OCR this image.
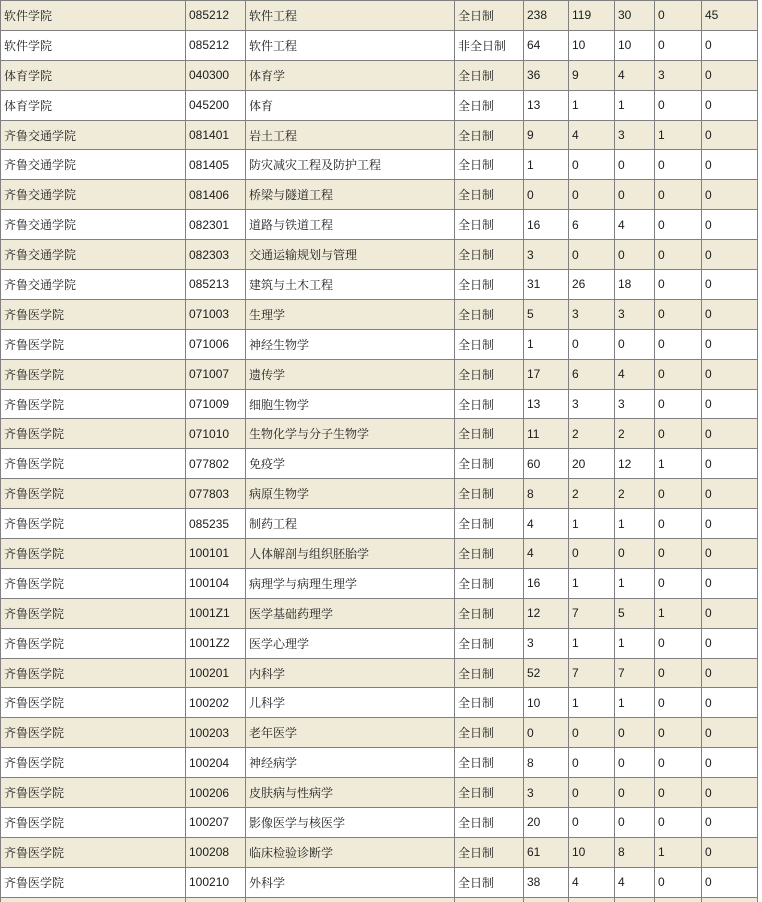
软件学院	085212	软件工程	全日制	238	119	30	0	45
软件学院	085212	软件工程	非全日制	64	10	10	0	0
体育学院	040300	体育学	全日制	36	9	4	3	0
体育学院	045200	体育	全日制	13	1	1	0	0
齐鲁交通学院	081401	岩土工程	全日制	9	4	3	1	0
齐鲁交通学院	081405	防灾减灾工程及防护工程	全日制	1	0	0	0	0
齐鲁交通学院	081406	桥梁与隧道工程	全日制	0	0	0	0	0
齐鲁交通学院	082301	道路与铁道工程	全日制	16	6	4	0	0
齐鲁交通学院	082303	交通运输规划与管理	全日制	3	0	0	0	0
齐鲁交通学院	085213	建筑与土木工程	全日制	31	26	18	0	0
齐鲁医学院	071003	生理学	全日制	5	3	3	0	0
齐鲁医学院	071006	神经生物学	全日制	1	0	0	0	0
齐鲁医学院	071007	遗传学	全日制	17	6	4	0	0
齐鲁医学院	071009	细胞生物学	全日制	13	3	3	0	0
齐鲁医学院	071010	生物化学与分子生物学	全日制	11	2	2	0	0
齐鲁医学院	077802	免疫学	全日制	60	20	12	1	0
齐鲁医学院	077803	病原生物学	全日制	8	2	2	0	0
齐鲁医学院	085235	制药工程	全日制	4	1	1	0	0
齐鲁医学院	100101	人体解剖与组织胚胎学	全日制	4	0	0	0	0
齐鲁医学院	100104	病理学与病理生理学	全日制	16	1	1	0	0
齐鲁医学院	1001Z1	医学基础药理学	全日制	12	7	5	1	0
齐鲁医学院	1001Z2	医学心理学	全日制	3	1	1	0	0
齐鲁医学院	100201	内科学	全日制	52	7	7	0	0
齐鲁医学院	100202	儿科学	全日制	10	1	1	0	0
齐鲁医学院	100203	老年医学	全日制	0	0	0	0	0
齐鲁医学院	100204	神经病学	全日制	8	0	0	0	0
齐鲁医学院	100206	皮肤病与性病学	全日制	3	0	0	0	0
齐鲁医学院	100207	影像医学与核医学	全日制	20	0	0	0	0
齐鲁医学院	100208	临床检验诊断学	全日制	61	10	8	1	0
齐鲁医学院	100210	外科学	全日制	38	4	4	0	0
